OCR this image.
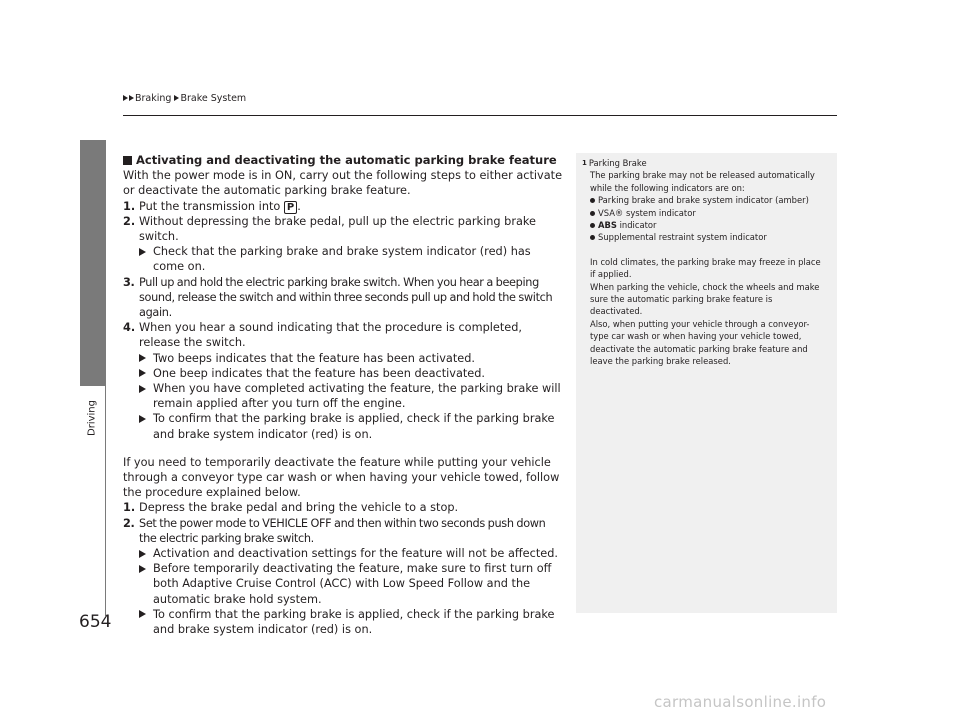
Braking Brake System
Driving
654

Activating and deactivating the automatic parking brake feature

With the power mode is in ON, carry out the following steps to either activate or deactivate the automatic parking brake feature.

1. Put the transmission into P .
2. Without depressing the brake pedal, pull up the electric parking brake switch.
Check that the parking brake and brake system indicator (red) has come on.
3. Pull up and hold the electric parking brake switch. When you hear a beeping sound, release the switch and within three seconds pull up and hold the switch again.
4. When you hear a sound indicating that the procedure is completed, release the switch.
Two beeps indicates that the feature has been activated.
One beep indicates that the feature has been deactivated.
When you have completed activating the feature, the parking brake will remain applied after you turn off the engine.
To confirm that the parking brake is applied, check if the parking brake and brake system indicator (red) is on.

If you need to temporarily deactivate the feature while putting your vehicle through a conveyor type car wash or when having your vehicle towed, follow the procedure explained below.

1. Depress the brake pedal and bring the vehicle to a stop.
2. Set the power mode to VEHICLE OFF and then within two seconds push down the electric parking brake switch.
Activation and deactivation settings for the feature will not be affected.
Before temporarily deactivating the feature, make sure to first turn off both Adaptive Cruise Control (ACC) with Low Speed Follow and the automatic brake hold system.
To confirm that the parking brake is applied, check if the parking brake and brake system indicator (red) is on.

1 Parking Brake

The parking brake may not be released automatically while the following indicators are on:

Parking brake and brake system indicator (amber)

VSA® system indicator

ABS indicator

Supplemental restraint system indicator

In cold climates, the parking brake may freeze in place if applied.

When parking the vehicle, chock the wheels and make sure the automatic parking brake feature is deactivated.

Also, when putting your vehicle through a conveyor-type car wash or when having your vehicle towed, deactivate the automatic parking brake feature and leave the parking brake released.

carmanualsonline.info
